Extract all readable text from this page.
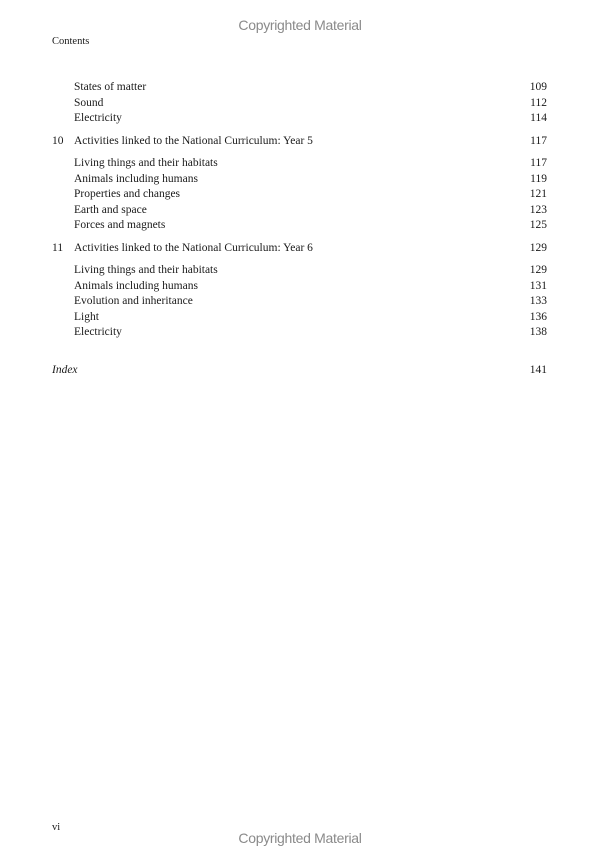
Copyrighted Material
Contents
States of matter	109
Sound	112
Electricity	114
10 Activities linked to the National Curriculum: Year 5	117
Living things and their habitats	117
Animals including humans	119
Properties and changes	121
Earth and space	123
Forces and magnets	125
11 Activities linked to the National Curriculum: Year 6	129
Living things and their habitats	129
Animals including humans	131
Evolution and inheritance	133
Light	136
Electricity	138
Index	141
vi
Copyrighted Material
